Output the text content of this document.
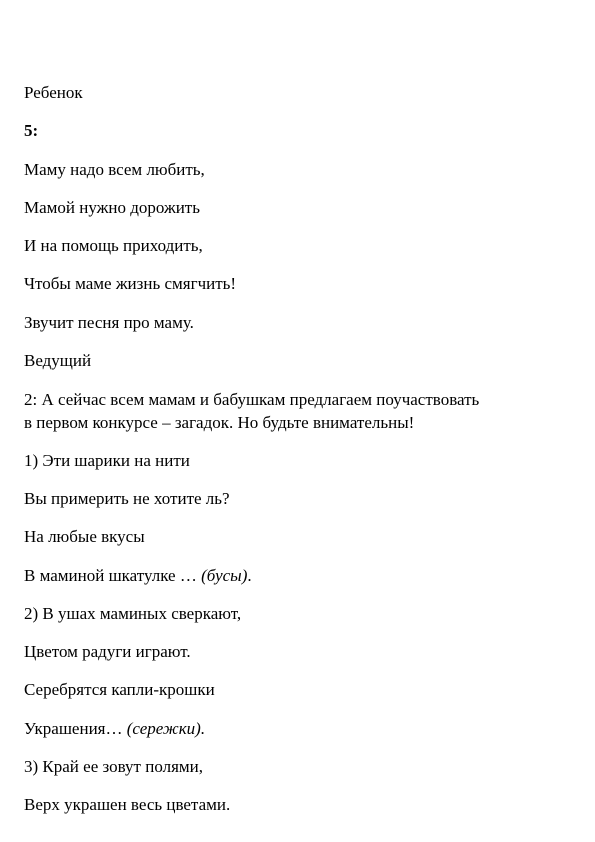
Ребенок

5:

Маму надо всем любить,

Мамой нужно дорожить

И на помощь приходить,

Чтобы маме жизнь смягчить!

Звучит песня про маму.

Ведущий

2: А сейчас всем мамам и бабушкам предлагаем поучаствовать
в первом конкурсе – загадок. Но будьте внимательны!

1) Эти шарики на нити

Вы примерить не хотите ль?

На любые вкусы

В маминой шкатулке … (бусы).

2) В ушах маминых сверкают,

Цветом радуги играют.

Серебрятся капли-крошки

Украшения… (сережки).

3) Край ее зовут полями,

Верх украшен весь цветами.
